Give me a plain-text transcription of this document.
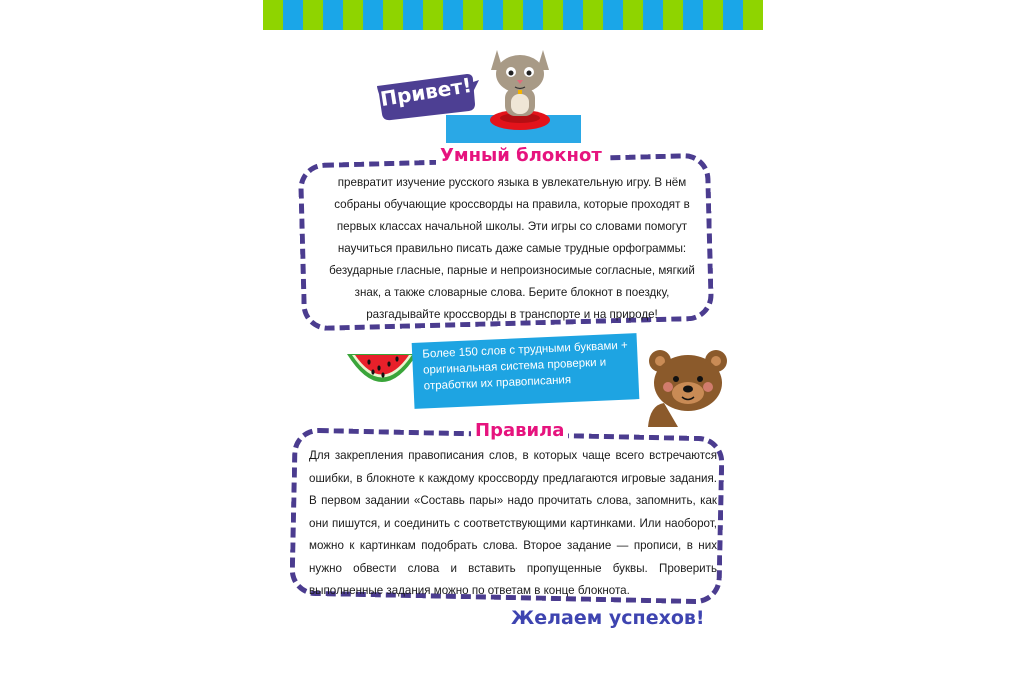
Привет!
Умный блокнот
превратит изучение русского языка в увлекательную игру. В нём собраны обучающие кроссворды на правила, которые проходят в первых классах начальной школы. Эти игры со словами помогут научиться правильно писать даже самые трудные орфограммы: безударные гласные, парные и непроизносимые согласные, мягкий знак, а также словарные слова. Берите блокнот в поездку, разгадывайте кроссворды в транспорте и на природе!
Более 150 слов с трудными буквами + оригинальная система проверки и отработки их правописания
Правила
Для закрепления правописания слов, в которых чаще всего встречаются ошибки, в блокноте к каждому кроссворду предлагаются игровые задания. В первом задании «Составь пары» надо прочитать слова, запомнить, как они пишутся, и соединить с соответствующими картинками. Или наоборот, можно к картинкам подобрать слова. Второе задание — прописи, в них нужно обвести слова и вставить пропущенные буквы. Проверить выполненные задания можно по ответам в конце блокнота.
Желаем успехов!
